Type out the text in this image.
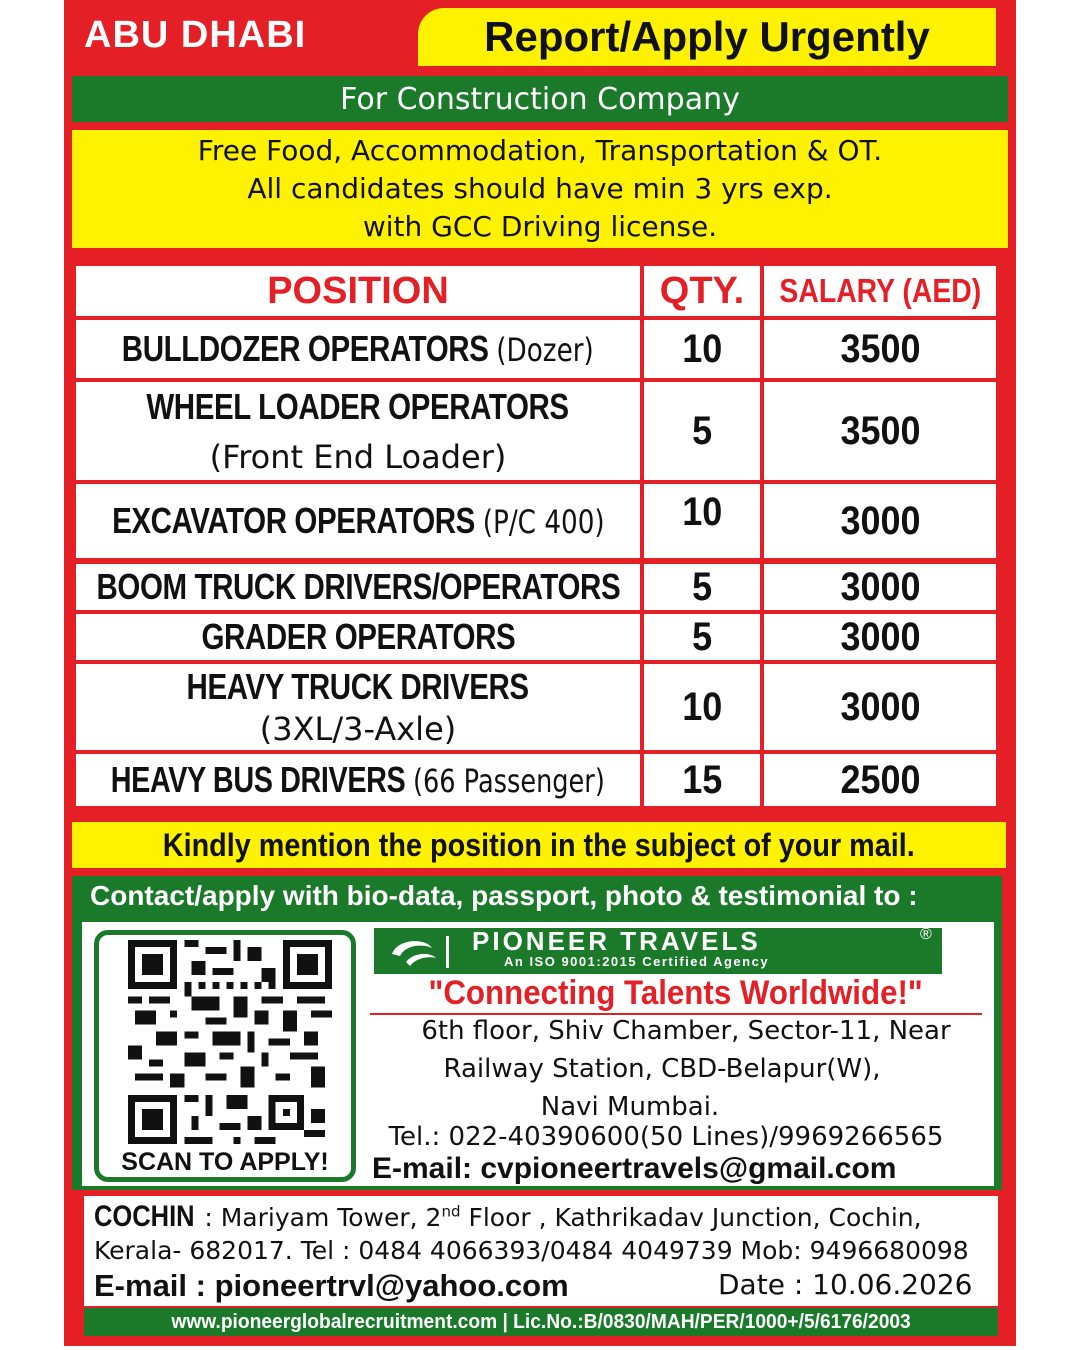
ABU DHABI	Report/Apply Urgently
For Construction Company
Free Food, Accommodation, Transportation & OT.
All candidates should have min 3 yrs exp.
with GCC Driving license.
POSITION	QTY. SALARY (AED)
BULLDOZER OPERATORS (Dozer) 10	3500
WHEEL LOADER OPERATORS
(Front End Loader)
5	3500
EXCAVATOR OPERATORS (P/C 400) 10	3000
BOOM TRUCK DRIVERS/OPERATORS 5	3000
GRADER OPERATORS	5	3000
HEAVY TRUCK DRIVERS
(3XL/3-Axle)
10	3000
HEAVY BUS DRIVERS (66 Passenger) 15	2500
Kindly mention the position in the subject of your mail.
Contact/apply with bio-data, passport, photo & testimonial to :
SCAN TO APPLY!
PIONEER TRAVELS	®
An ISO 9001:2015 Certified Agency
"Connecting Talents Worldwide!"
6th floor, Shiv Chamber, Sector-11, Near
Railway Station, CBD-Belapur(W),
Navi Mumbai.
Tel.: 022-40390600(50 Lines)/9969266565
E-mail: cvpioneertravels@gmail.com
COCHIN : Mariyam Tower, 2nd Floor , Kathrikadav Junction, Cochin,
Kerala- 682017. Tel : 0484 4066393/0484 4049739 Mob: 9496680098
E-mail : pioneertrvl@yahoo.com	Date : 10.06.2026
www.pioneerglobalrecruitment.com | Lic.No.:B/0830/MAH/PER/1000+/5/6176/2003
